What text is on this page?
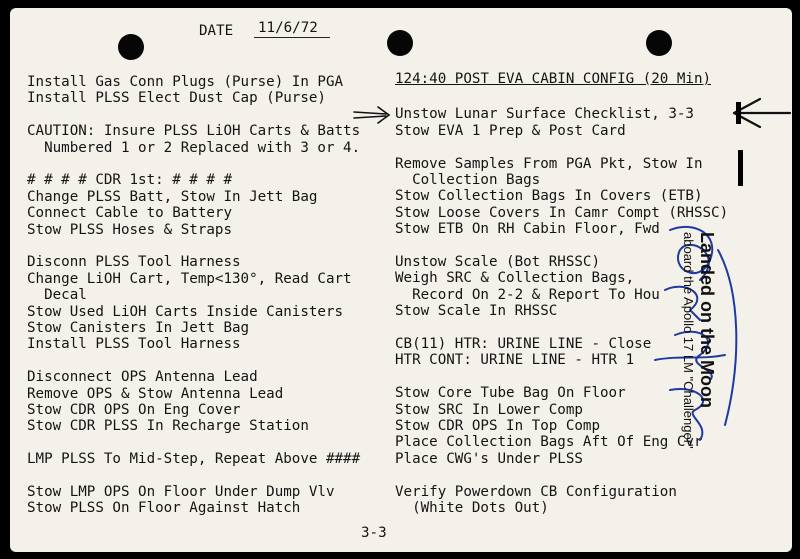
DATE 11/6/72
Install Gas Conn Plugs (Purse) In PGA
Install PLSS Elect Dust Cap (Purse)
CAUTION: Insure PLSS LiOH Carts & Batts
Numbered 1 or 2 Replaced with 3 or 4.
# # # # CDR 1st: # # # #
Change PLSS Batt, Stow In Jett Bag
Connect Cable to Battery
Stow PLSS Hoses & Straps
Disconn PLSS Tool Harness
Change LiOH Cart, Temp<130°, Read Cart
Decal
Stow Used LiOH Carts Inside Canisters
Stow Canisters In Jett Bag
Install PLSS Tool Harness
Disconnect OPS Antenna Lead
Remove OPS & Stow Antenna Lead
Stow CDR OPS On Eng Cover
Stow CDR PLSS In Recharge Station
LMP PLSS To Mid-Step, Repeat Above ####
Stow LMP OPS On Floor Under Dump Vlv
Stow PLSS On Floor Against Hatch
124:40 POST EVA CABIN CONFIG (20 Min)
Unstow Lunar Surface Checklist, 3-3
Stow EVA 1 Prep & Post Card
Remove Samples From PGA Pkt, Stow In
Collection Bags
Stow Collection Bags In Covers (ETB)
Stow Loose Covers In Camr Compt (RHSSC)
Stow ETB On RH Cabin Floor, Fwd
Unstow Scale (Bot RHSSC)
Weigh SRC & Collection Bags,
Record On 2-2 & Report To Hou
Stow Scale In RHSSC
CB(11) HTR: URINE LINE - Close
HTR CONT: URINE LINE - HTR 1
Stow Core Tube Bag On Floor
Stow SRC In Lower Comp
Stow CDR OPS In Top Comp
Place Collection Bags Aft Of Eng Cvr
Place CWG's Under PLSS
Verify Powerdown CB Configuration
(White Dots Out)
3-3
Landed on the Moon
aboard the Apollo 17 LM "Challenger"
